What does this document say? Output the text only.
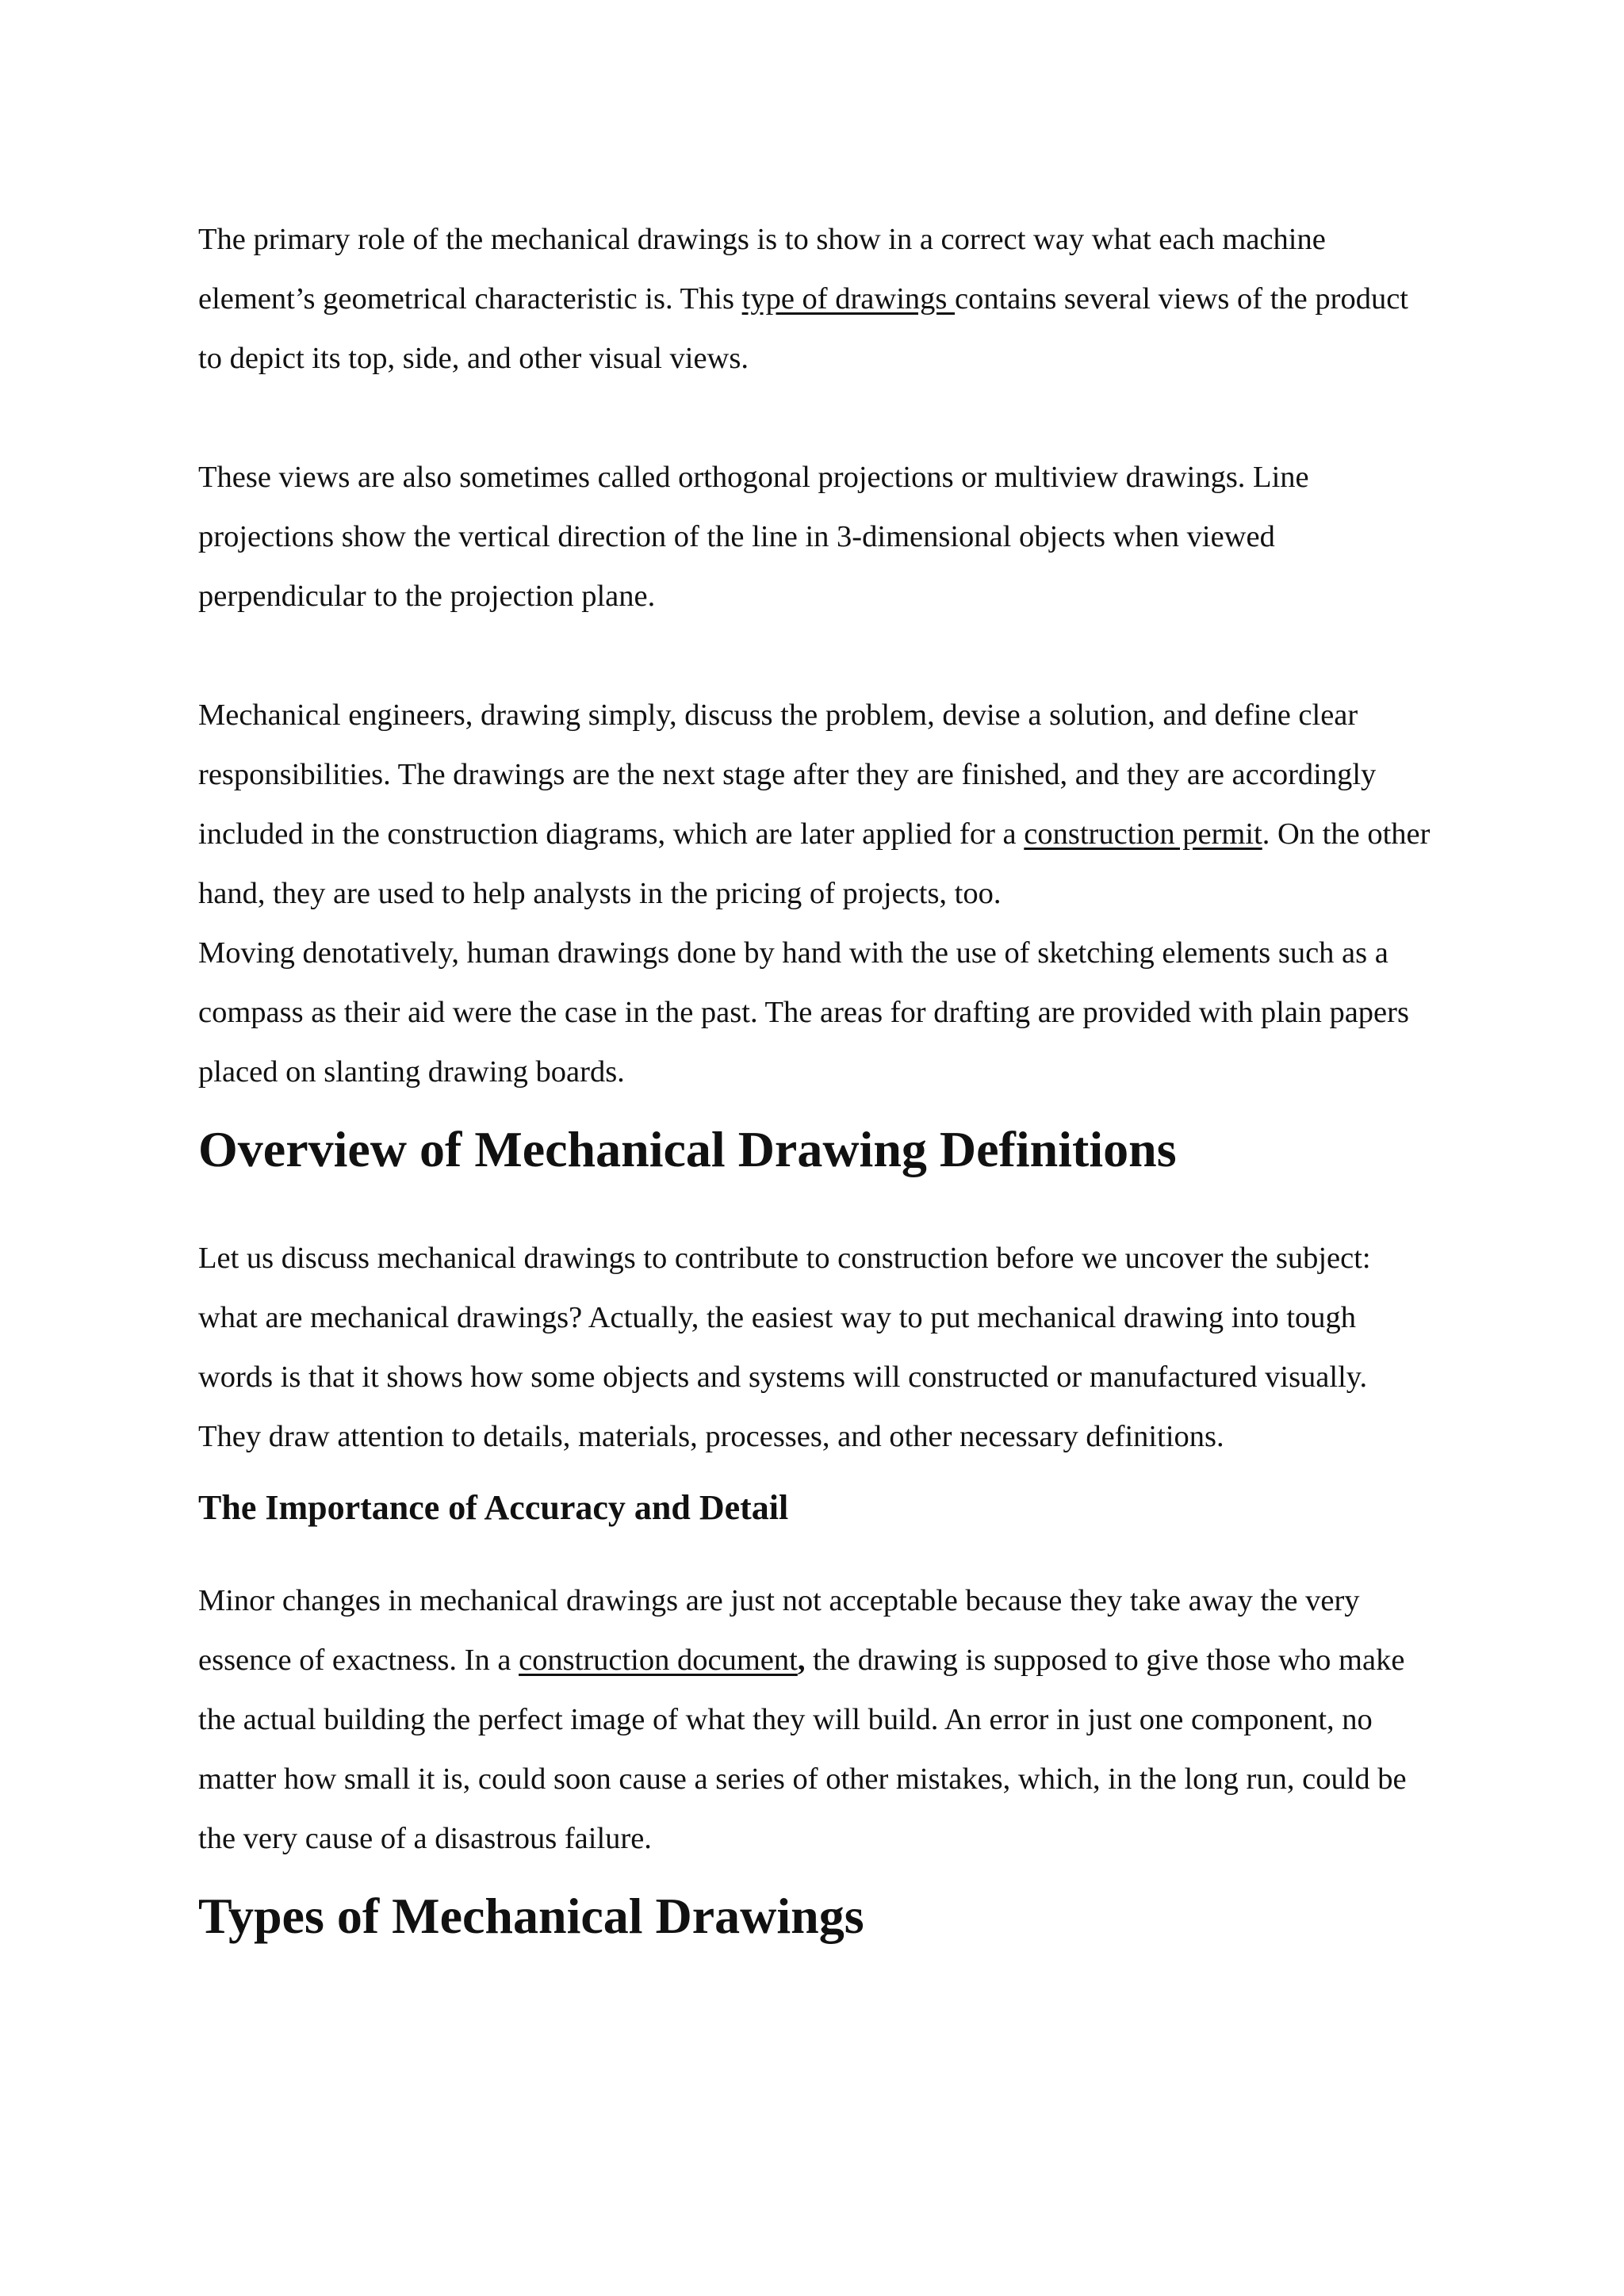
The primary role of the mechanical drawings is to show in a correct way what each machine element’s geometrical characteristic is. This type of drawings contains several views of the product to depict its top, side, and other visual views.

These views are also sometimes called orthogonal projections or multiview drawings. Line projections show the vertical direction of the line in 3-dimensional objects when viewed perpendicular to the projection plane.

Mechanical engineers, drawing simply, discuss the problem, devise a solution, and define clear responsibilities. The drawings are the next stage after they are finished, and they are accordingly included in the construction diagrams, which are later applied for a construction permit. On the other hand, they are used to help analysts in the pricing of projects, too.

Moving denotatively, human drawings done by hand with the use of sketching elements such as a compass as their aid were the case in the past. The areas for drafting are provided with plain papers placed on slanting drawing boards.

Overview of Mechanical Drawing Definitions

Let us discuss mechanical drawings to contribute to construction before we uncover the subject: what are mechanical drawings? Actually, the easiest way to put mechanical drawing into tough words is that it shows how some objects and systems will constructed or manufactured visually. They draw attention to details, materials, processes, and other necessary definitions.

The Importance of Accuracy and Detail

Minor changes in mechanical drawings are just not acceptable because they take away the very essence of exactness. In a construction document, the drawing is supposed to give those who make the actual building the perfect image of what they will build. An error in just one component, no matter how small it is, could soon cause a series of other mistakes, which, in the long run, could be the very cause of a disastrous failure.

Types of Mechanical Drawings
